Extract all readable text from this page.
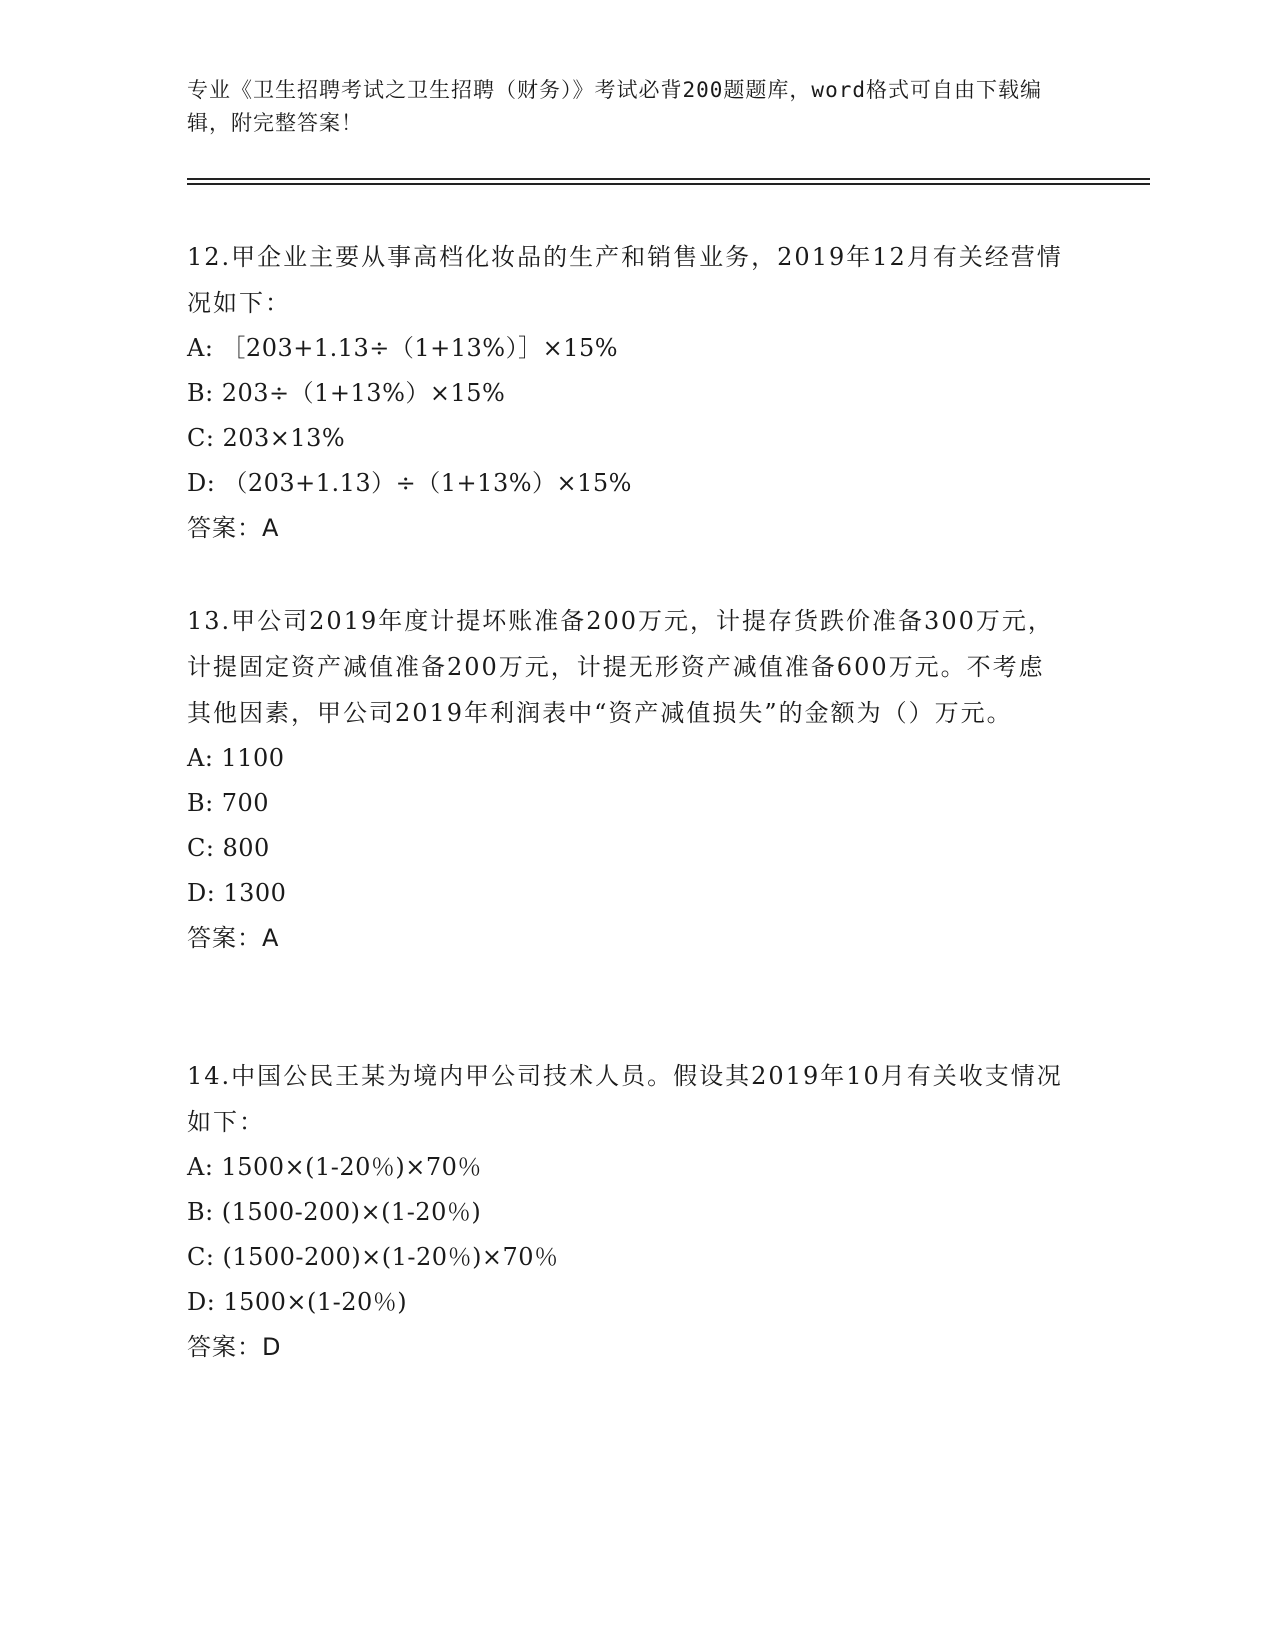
专业《卫生招聘考试之卫生招聘（财务）》考试必背200题题库，word格式可自由下载编辑，附完整答案！

12.甲企业主要从事高档化妆品的生产和销售业务，2019年12月有关经营情况如下：

A: ［203+1.13÷（1+13%）］×15%
B: 203÷（1+13%）×15%
C: 203×13%
D: （203+1.13）÷（1+13%）×15%
答案：A

13.甲公司2019年度计提坏账准备200万元，计提存货跌价准备300万元，计提固定资产减值准备200万元，计提无形资产减值准备600万元。不考虑其他因素，甲公司2019年利润表中“资产减值损失”的金额为（）万元。

A: 1100
B: 700
C: 800
D: 1300
答案：A

14.中国公民王某为境内甲公司技术人员。假设其2019年10月有关收支情况如下：

A: 1500×(1-20％)×70％
B: (1500-200)×(1-20％)
C: (1500-200)×(1-20％)×70％
D: 1500×(1-20％)
答案：D
